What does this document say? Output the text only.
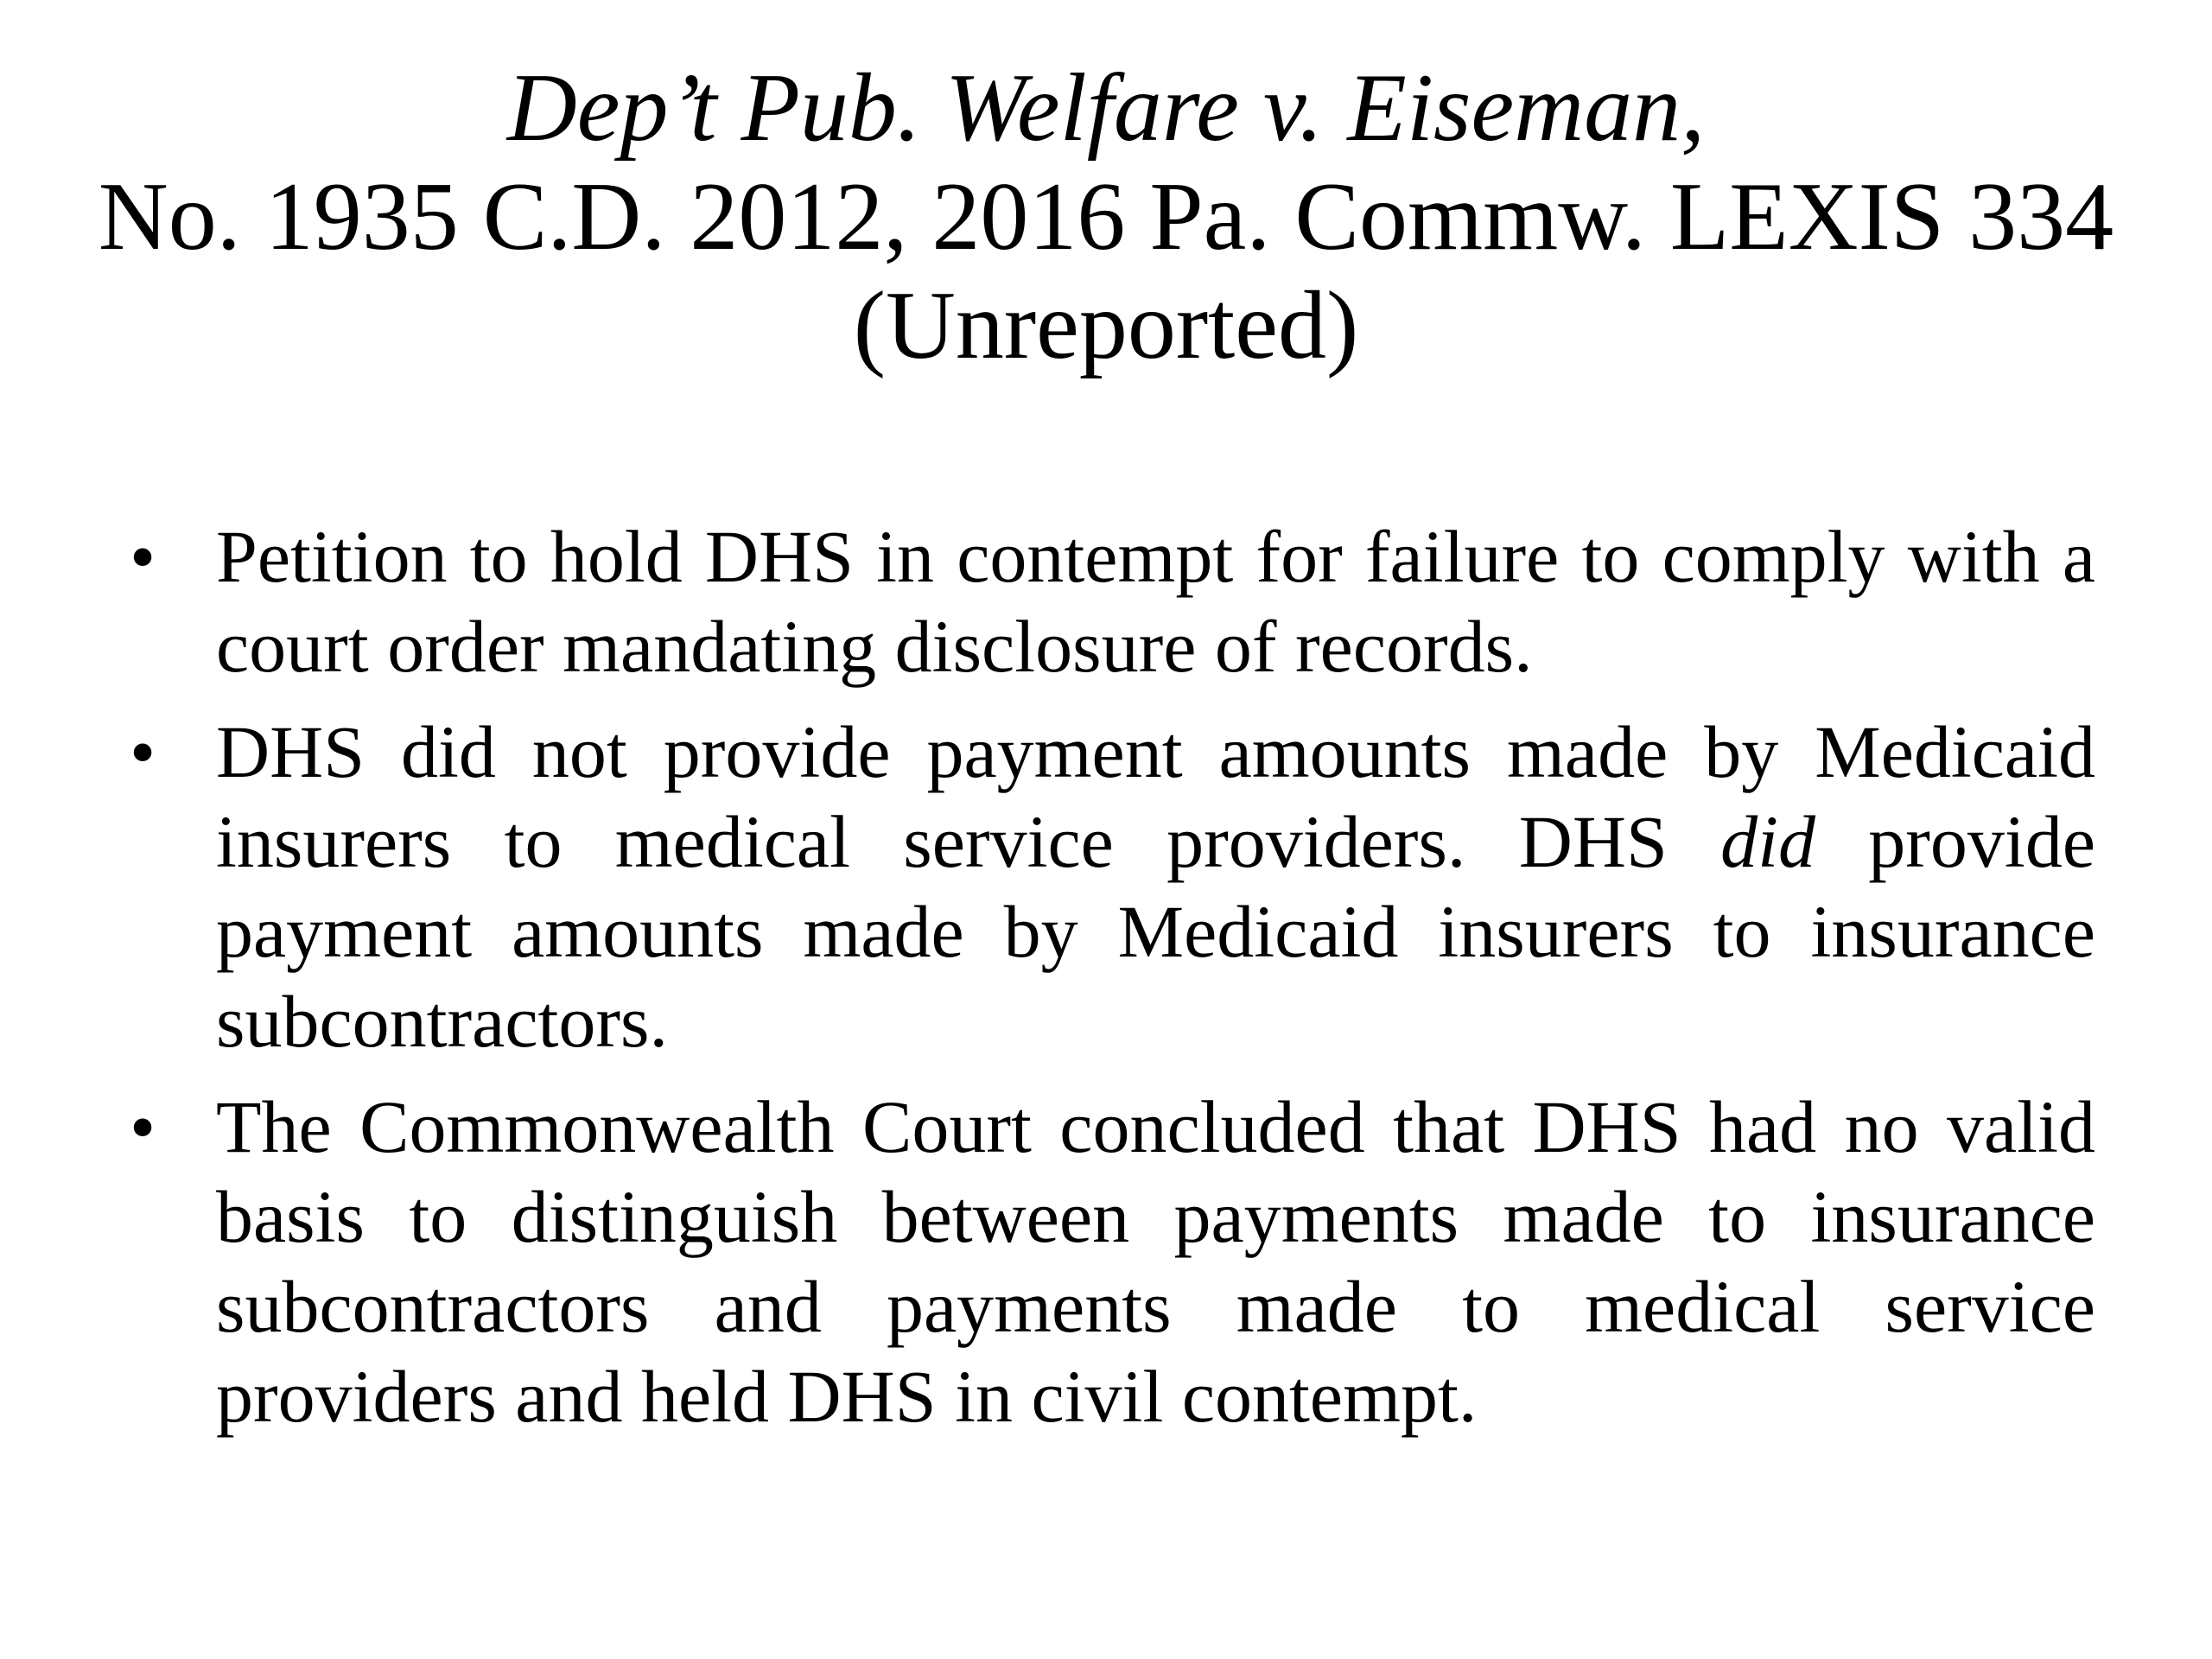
Dep’t Pub. Welfare v. Eiseman,
No. 1935 C.D. 2012, 2016 Pa. Commw. LEXIS 334
(Unreported)
• Petition to hold DHS in contempt for failure to comply with a court order mandating disclosure of records.
• DHS did not provide payment amounts made by Medicaid insurers to medical service providers. DHS did provide payment amounts made by Medicaid insurers to insurance subcontractors.
• The Commonwealth Court concluded that DHS had no valid basis to distinguish between payments made to insurance subcontractors and payments made to medical service providers and held DHS in civil contempt.
